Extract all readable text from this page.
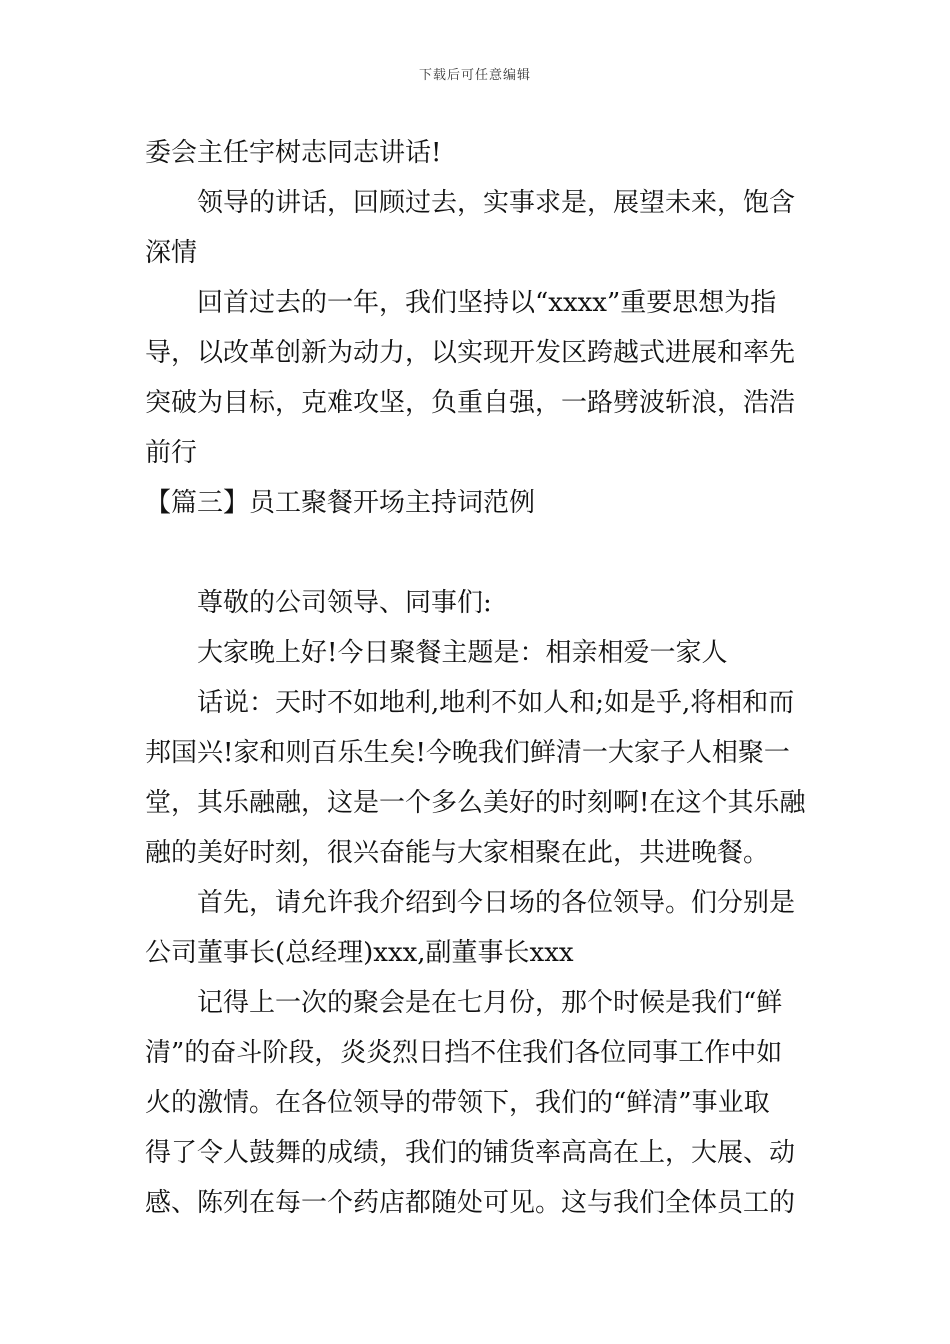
下载后可任意编辑
委会主任宇树志同志讲话!
领导的讲话，回顾过去，实事求是，展望未来，饱含
深情
回首过去的一年，我们坚持以“xxxx”重要思想为指
导，以改革创新为动力，以实现开发区跨越式进展和率先
突破为目标，克难攻坚，负重自强，一路劈波斩浪，浩浩
前行
【篇三】员工聚餐开场主持词范例
尊敬的公司领导、同事们:
大家晚上好!今日聚餐主题是：相亲相爱一家人
话说：天时不如地利,地利不如人和;如是乎,将相和而
邦国兴!家和则百乐生矣!今晚我们鲜清一大家子人相聚一
堂，其乐融融，这是一个多么美好的时刻啊!在这个其乐融
融的美好时刻，很兴奋能与大家相聚在此，共进晚餐。
首先，请允许我介绍到今日场的各位领导。们分别是
公司董事长(总经理)xxx,副董事长xxx
记得上一次的聚会是在七月份，那个时候是我们“鲜
清”的奋斗阶段，炎炎烈日挡不住我们各位同事工作中如
火的激情。在各位领导的带领下，我们的“鲜清”事业取
得了令人鼓舞的成绩，我们的铺货率高高在上，大展、动
感、陈列在每一个药店都随处可见。这与我们全体员工的
